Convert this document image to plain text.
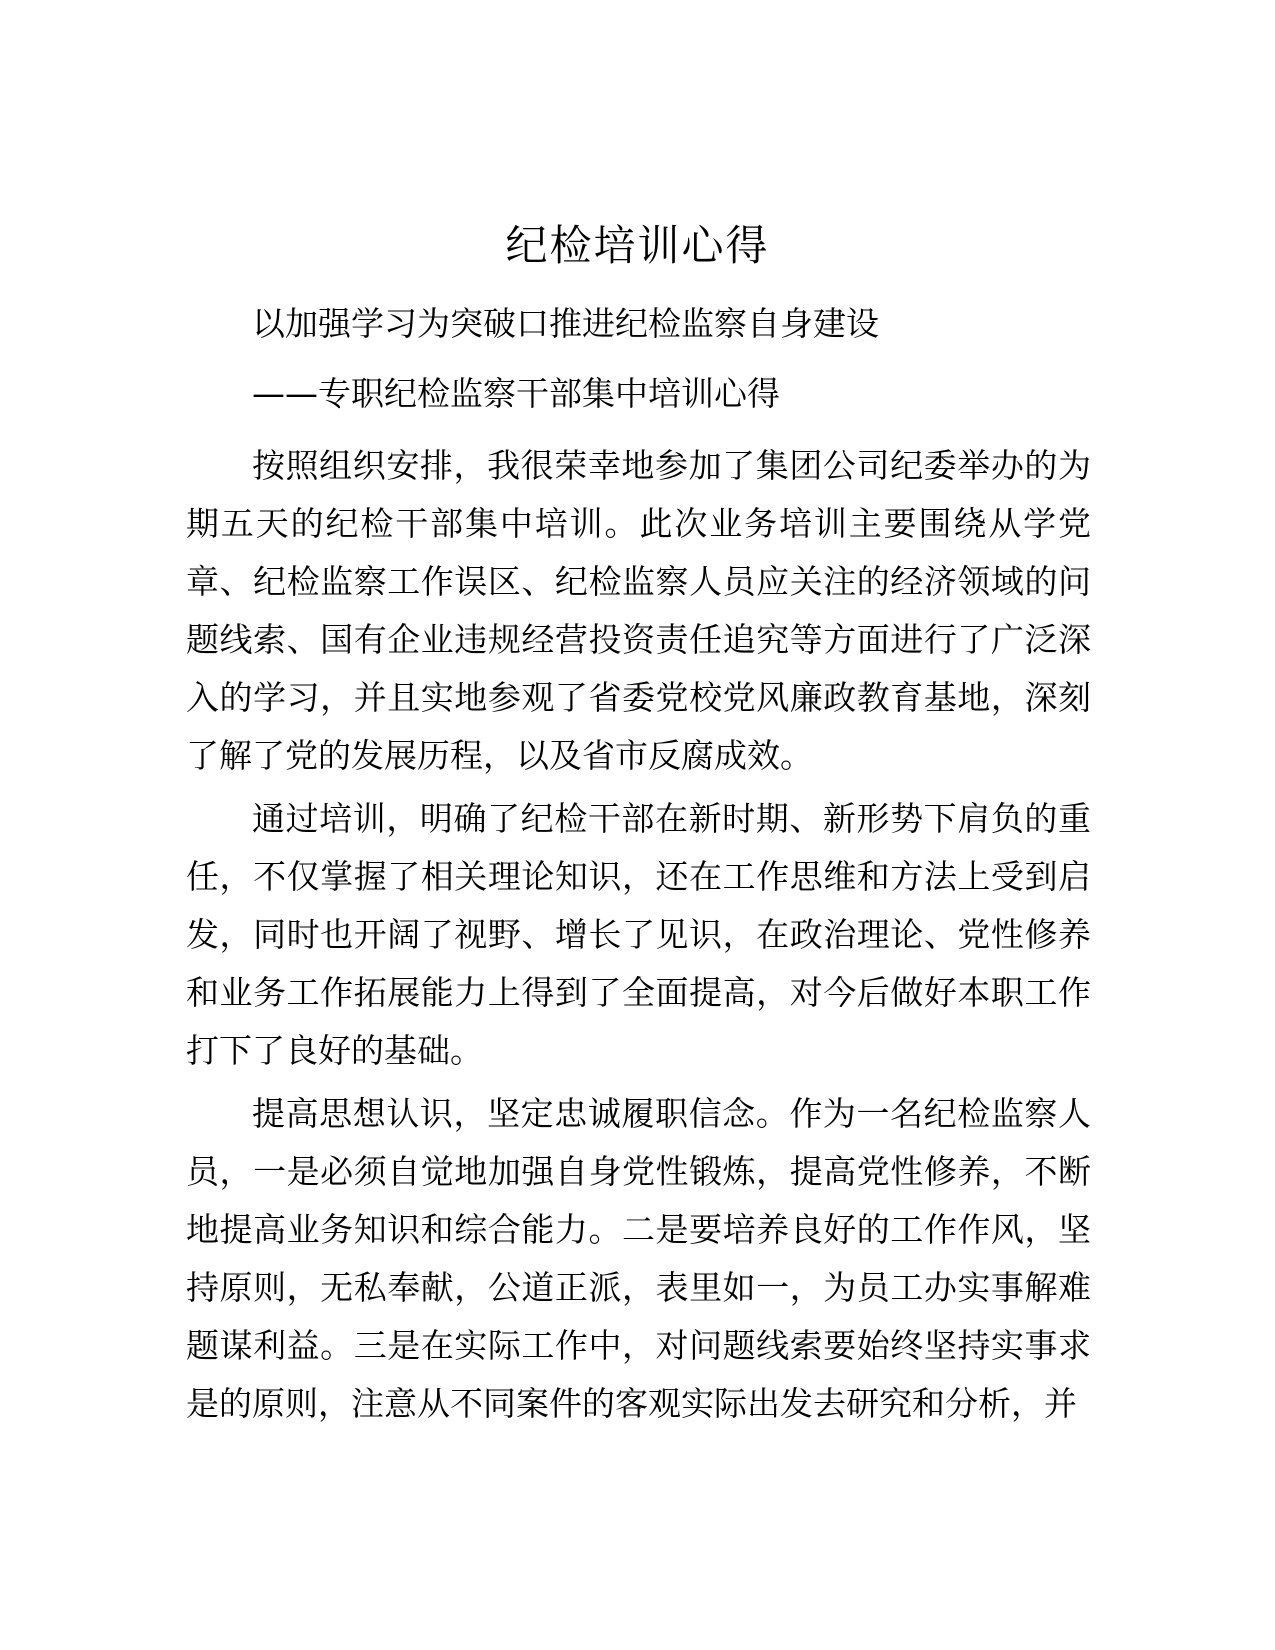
纪检培训心得
以加强学习为突破口推进纪检监察自身建设
——专职纪检监察干部集中培训心得

按照组织安排，我很荣幸地参加了集团公司纪委举办的为期五天的纪检干部集中培训。此次业务培训主要围绕从学党章、纪检监察工作误区、纪检监察人员应关注的经济领域的问题线索、国有企业违规经营投资责任追究等方面进行了广泛深入的学习，并且实地参观了省委党校党风廉政教育基地，深刻了解了党的发展历程，以及省市反腐成效。

通过培训，明确了纪检干部在新时期、新形势下肩负的重任，不仅掌握了相关理论知识，还在工作思维和方法上受到启发，同时也开阔了视野、增长了见识，在政治理论、党性修养和业务工作拓展能力上得到了全面提高，对今后做好本职工作打下了良好的基础。

提高思想认识，坚定忠诚履职信念。作为一名纪检监察人员，一是必须自觉地加强自身党性锻炼，提高党性修养，不断地提高业务知识和综合能力。二是要培养良好的工作作风，坚持原则，无私奉献，公道正派，表里如一，为员工办实事解难题谋利益。三是在实际工作中，对问题线索要始终坚持实事求是的原则，注意从不同案件的客观实际出发去研究和分析，并
